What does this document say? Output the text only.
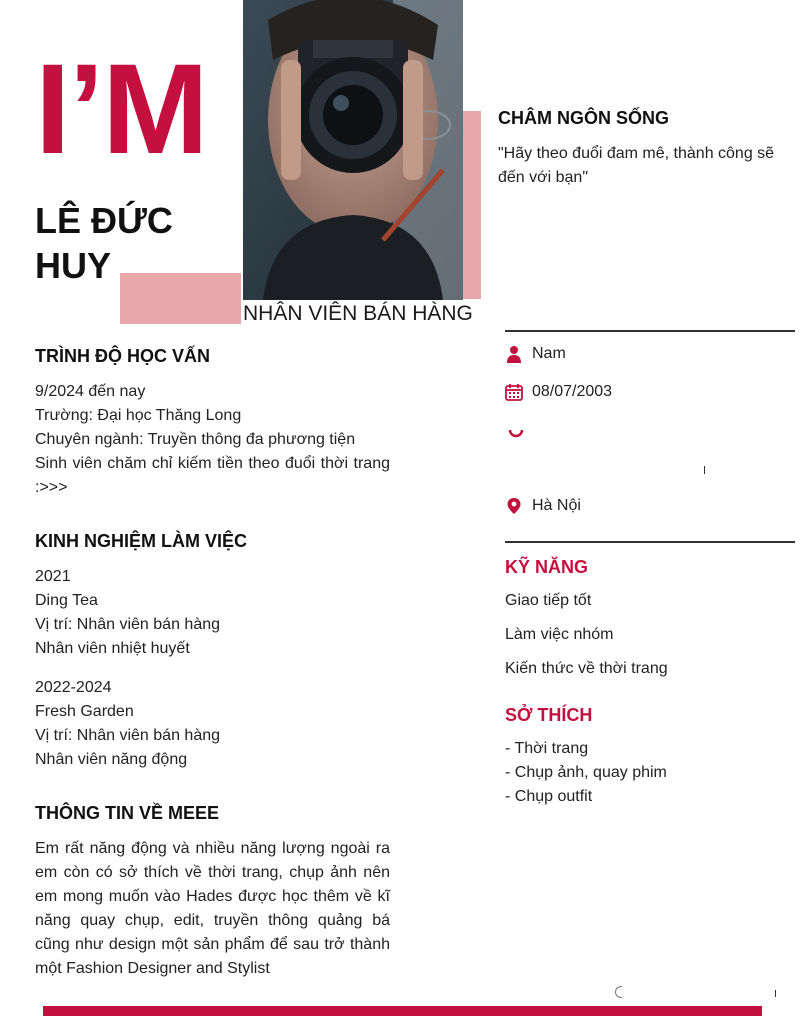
I’M
LÊ ĐỨC HUY
NHÂN VIÊN BÁN HÀNG
CHÂM NGÔN SỐNG
"Hãy theo đuổi đam mê, thành công sẽ đến với bạn"
Nam
08/07/2003
Hà Nội
KỸ NĂNG
Giao tiếp tốt
Làm việc nhóm
Kiến thức về thời trang
SỞ THÍCH
- Thời trang
- Chụp ảnh, quay phim
- Chụp outfit
TRÌNH ĐỘ HỌC VẤN
9/2024 đến nay
Trường: Đại học Thăng Long
Chuyên ngành: Truyền thông đa phương tiện
Sinh viên chăm chỉ kiếm tiền theo đuổi thời trang :>>>
KINH NGHIỆM LÀM VIỆC
2021
Ding Tea
Vị trí: Nhân viên bán hàng
Nhân viên nhiệt huyết
2022-2024
Fresh Garden
Vị trí: Nhân viên bán hàng
Nhân viên năng động
THÔNG TIN VỀ MEEE
Em rất năng động và nhiều năng lượng ngoài ra em còn có sở thích về thời trang, chụp ảnh nên em mong muốn vào Hades được học thêm về kĩ năng quay chụp, edit, truyền thông quảng bá cũng như design một sản phẩm để sau trở thành một Fashion Designer and Stylist
